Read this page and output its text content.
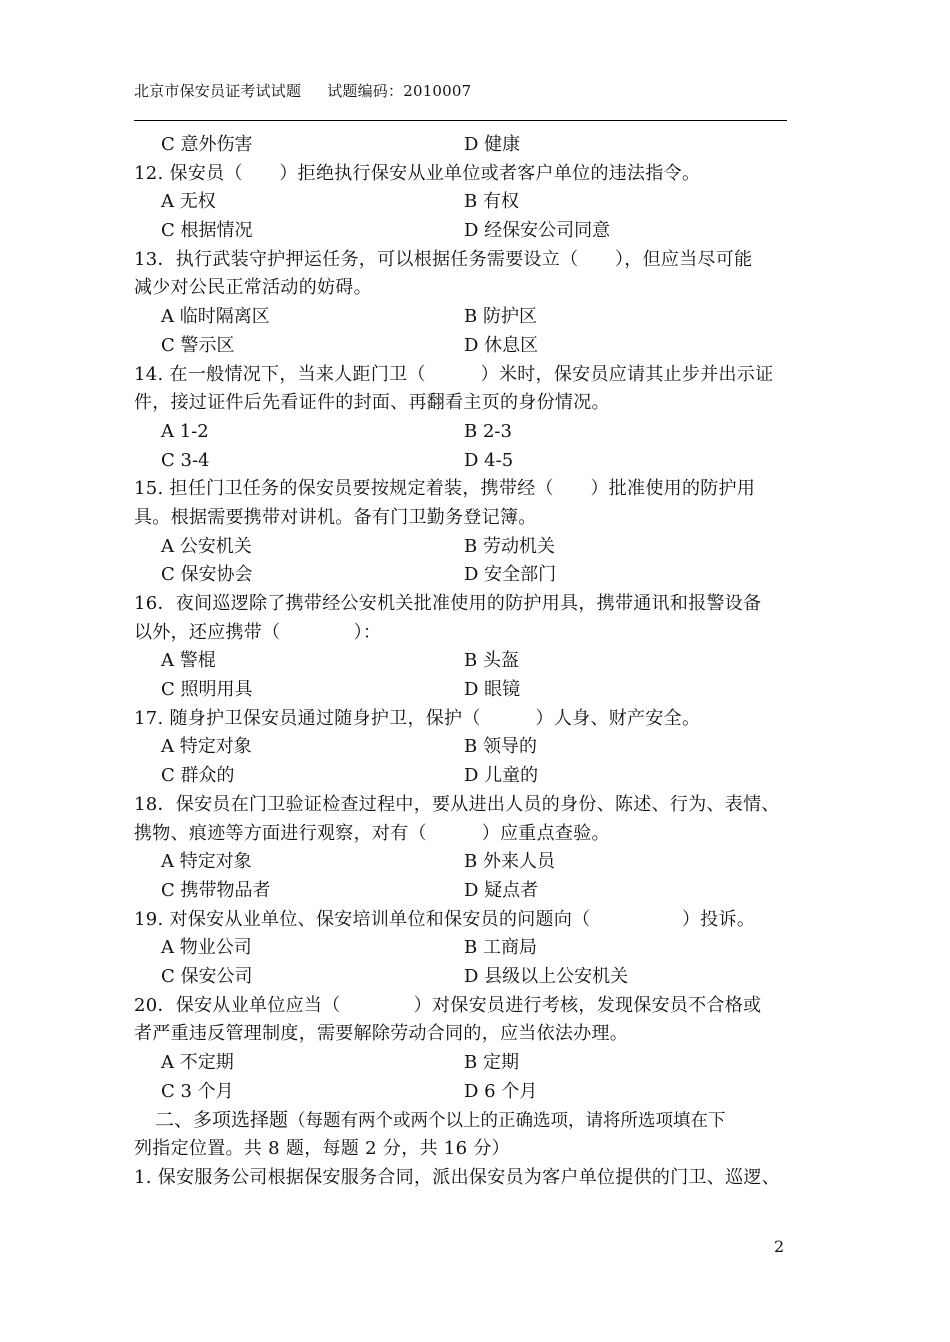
北京市保安员证考试试题 试题编码：2010007
C 意外伤害	D 健康
12. 保安员（　　）拒绝执行保安从业单位或者客户单位的违法指令。
A 无权	B 有权
C 根据情况	D 经保安公司同意
13．执行武装守护押运任务，可以根据任务需要设立（　　），但应当尽可能
减少对公民正常活动的妨碍。
A 临时隔离区	B 防护区
C 警示区	D 休息区
14. 在一般情况下，当来人距门卫（　　　）米时，保安员应请其止步并出示证
件，接过证件后先看证件的封面、再翻看主页的身份情况。
A 1-2	B 2-3
C 3-4	D 4-5
15. 担任门卫任务的保安员要按规定着装，携带经（　　）批准使用的防护用
具。根据需要携带对讲机。备有门卫勤务登记簿。
A 公安机关	B 劳动机关
C 保安协会	D 安全部门
16．夜间巡逻除了携带经公安机关批准使用的防护用具，携带通讯和报警设备
以外，还应携带（　　　　）：
A 警棍	B 头盔
C 照明用具	D 眼镜
17. 随身护卫保安员通过随身护卫，保护（　　　）人身、财产安全。
A 特定对象	B 领导的
C 群众的	D 儿童的
18．保安员在门卫验证检查过程中，要从进出人员的身份、陈述、行为、表情、
携物、痕迹等方面进行观察，对有（　　　）应重点查验。
A 特定对象	B 外来人员
C 携带物品者	D 疑点者
19. 对保安从业单位、保安培训单位和保安员的问题向（　　　　　）投诉。
A 物业公司	B 工商局
C 保安公司	D 县级以上公安机关
20．保安从业单位应当（　　　　）对保安员进行考核，发现保安员不合格或
者严重违反管理制度，需要解除劳动合同的，应当依法办理。
A 不定期	B 定期
C 3 个月	D 6 个月
　二、多项选择题（每题有两个或两个以上的正确选项，请将所选项填在下
列指定位置。共 8 题，每题 2 分，共 16 分）
1. 保安服务公司根据保安服务合同，派出保安员为客户单位提供的门卫、巡逻、
2
